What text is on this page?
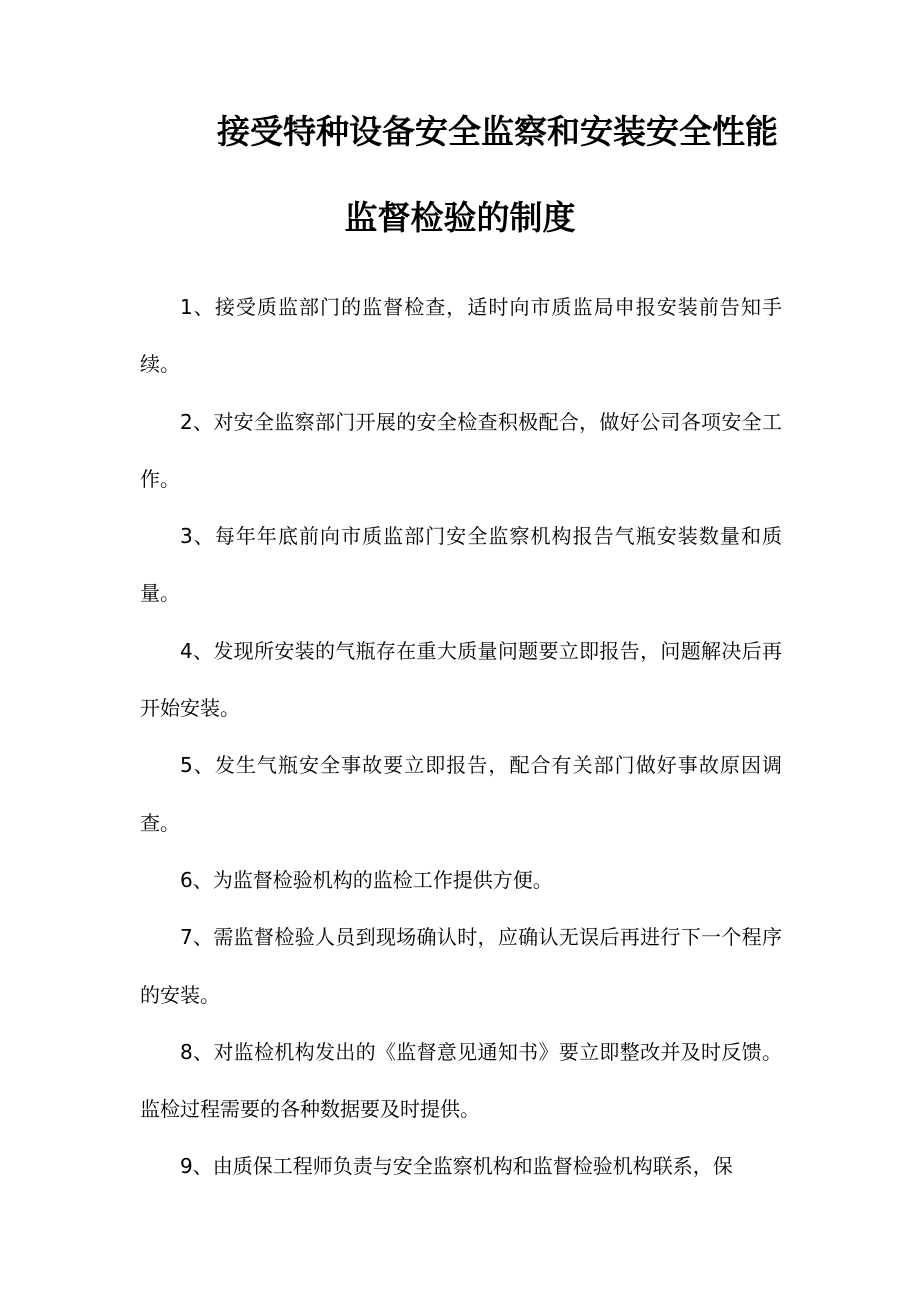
接受特种设备安全监察和安装安全性能
监督检验的制度

1、接受质监部门的监督检查，适时向市质监局申报安装前告知手续。

2、对安全监察部门开展的安全检查积极配合，做好公司各项安全工作。

3、每年年底前向市质监部门安全监察机构报告气瓶安装数量和质量。

4、发现所安装的气瓶存在重大质量问题要立即报告，问题解决后再开始安装。

5、发生气瓶安全事故要立即报告，配合有关部门做好事故原因调查。

6、为监督检验机构的监检工作提供方便。

7、需监督检验人员到现场确认时，应确认无误后再进行下一个程序的安装。

8、对监检机构发出的《监督意见通知书》要立即整改并及时反馈。监检过程需要的各种数据要及时提供。

9、由质保工程师负责与安全监察机构和监督检验机构联系，保
